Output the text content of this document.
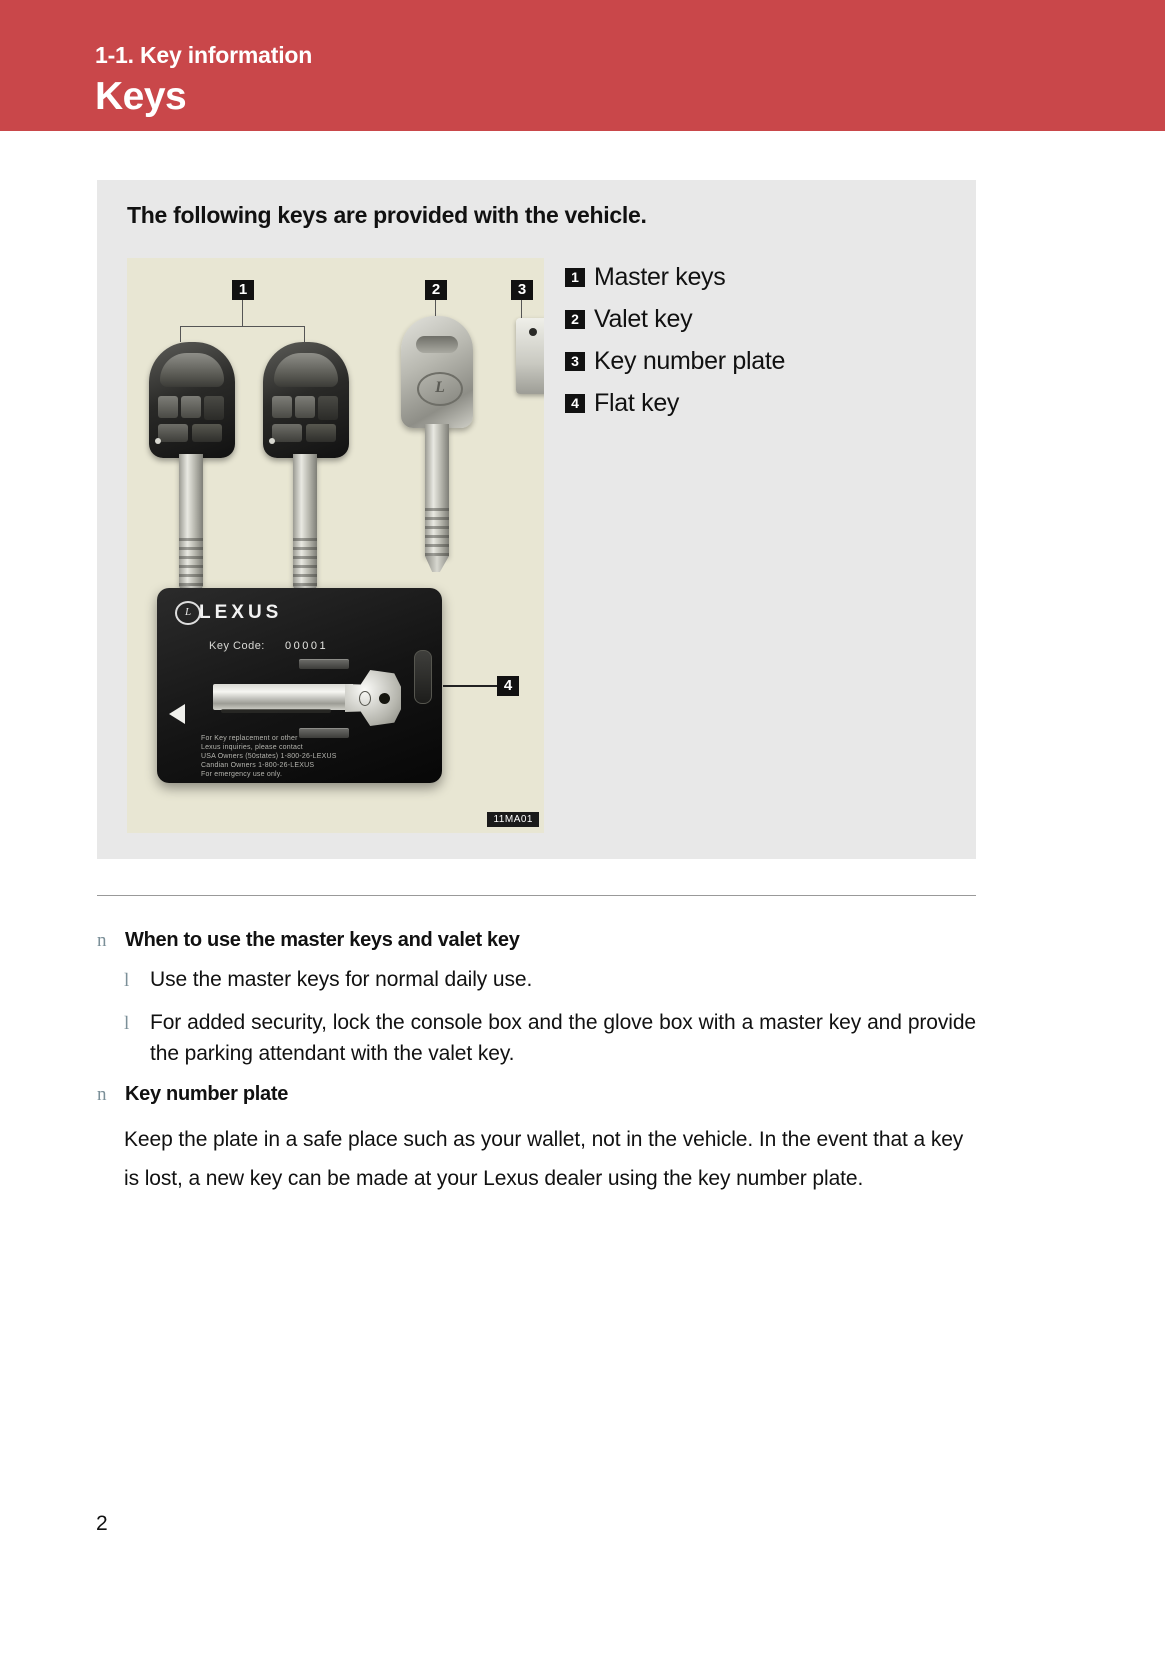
1-1. Key information
Keys
The following keys are provided with the vehicle.
1	2
L
3
L LEXUS
Key Code: 00001
For Key replacement or other
Lexus inquiries, please contact
USA Owners (50states) 1-800-26-LEXUS
Candian Owners 1-800-26-LEXUS
For emergency use only.
4
11MA01
1 Master keys
2 Valet key
3 Key number plate
4 Flat key
n When to use the master keys and valet key
l Use the master keys for normal daily use.
l For added security, lock the console box and the glove box with a master key and provide the parking attendant with the valet key.
n Key number plate
Keep the plate in a safe place such as your wallet, not in the vehicle. In the event that a key is lost, a new key can be made at your Lexus dealer using the key number plate.
2
